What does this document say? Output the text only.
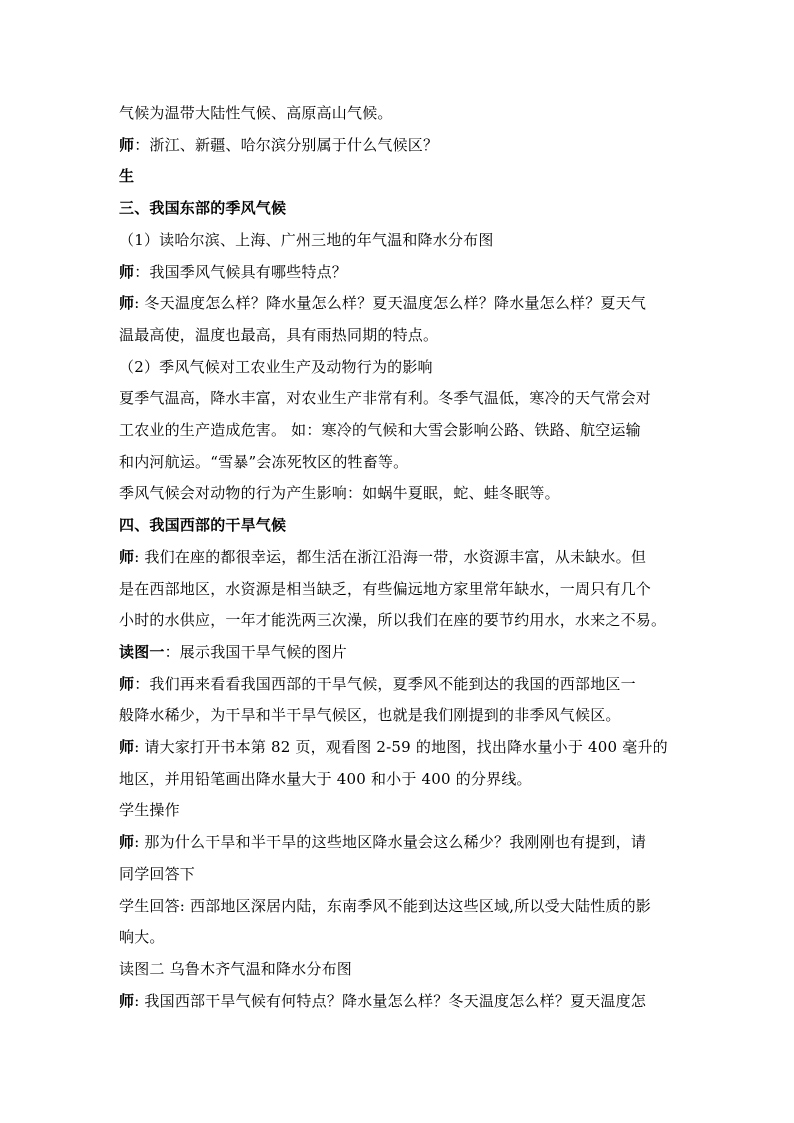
气候为温带大陆性气候、高原高山气候。
师：浙江、新疆、哈尔滨分别属于什么气候区？
生
三、我国东部的季风气候
（1）读哈尔滨、上海、广州三地的年气温和降水分布图
师：我国季风气候具有哪些特点？
师: 冬天温度怎么样？降水量怎么样？夏天温度怎么样？降水量怎么样？夏天气
温最高使，温度也最高，具有雨热同期的特点。
（2）季风气候对工农业生产及动物行为的影响
夏季气温高，降水丰富，对农业生产非常有利。冬季气温低，寒冷的天气常会对
工农业的生产造成危害。 如：寒冷的气候和大雪会影响公路、铁路、航空运输
和内河航运。“雪暴”会冻死牧区的牲畜等。
季风气候会对动物的行为产生影响：如蜗牛夏眠，蛇、蛙冬眠等。
四、我国西部的干旱气候
师: 我们在座的都很幸运，都生活在浙江沿海一带，水资源丰富，从未缺水。但
是在西部地区，水资源是相当缺乏，有些偏远地方家里常年缺水，一周只有几个
小时的水供应，一年才能洗两三次澡，所以我们在座的要节约用水，水来之不易。
读图一：展示我国干旱气候的图片
师：我们再来看看我国西部的干旱气候，夏季风不能到达的我国的西部地区一
般降水稀少，为干旱和半干旱气候区，也就是我们刚提到的非季风气候区。
师: 请大家打开书本第 82 页，观看图 2-59 的地图，找出降水量小于 400 毫升的
地区，并用铅笔画出降水量大于 400 和小于 400 的分界线。
学生操作
师: 那为什么干旱和半干旱的这些地区降水量会这么稀少？我刚刚也有提到，请
同学回答下
学生回答: 西部地区深居内陆，东南季风不能到达这些区域,所以受大陆性质的影
响大。
读图二 乌鲁木齐气温和降水分布图
师: 我国西部干旱气候有何特点？降水量怎么样？冬天温度怎么样？夏天温度怎
